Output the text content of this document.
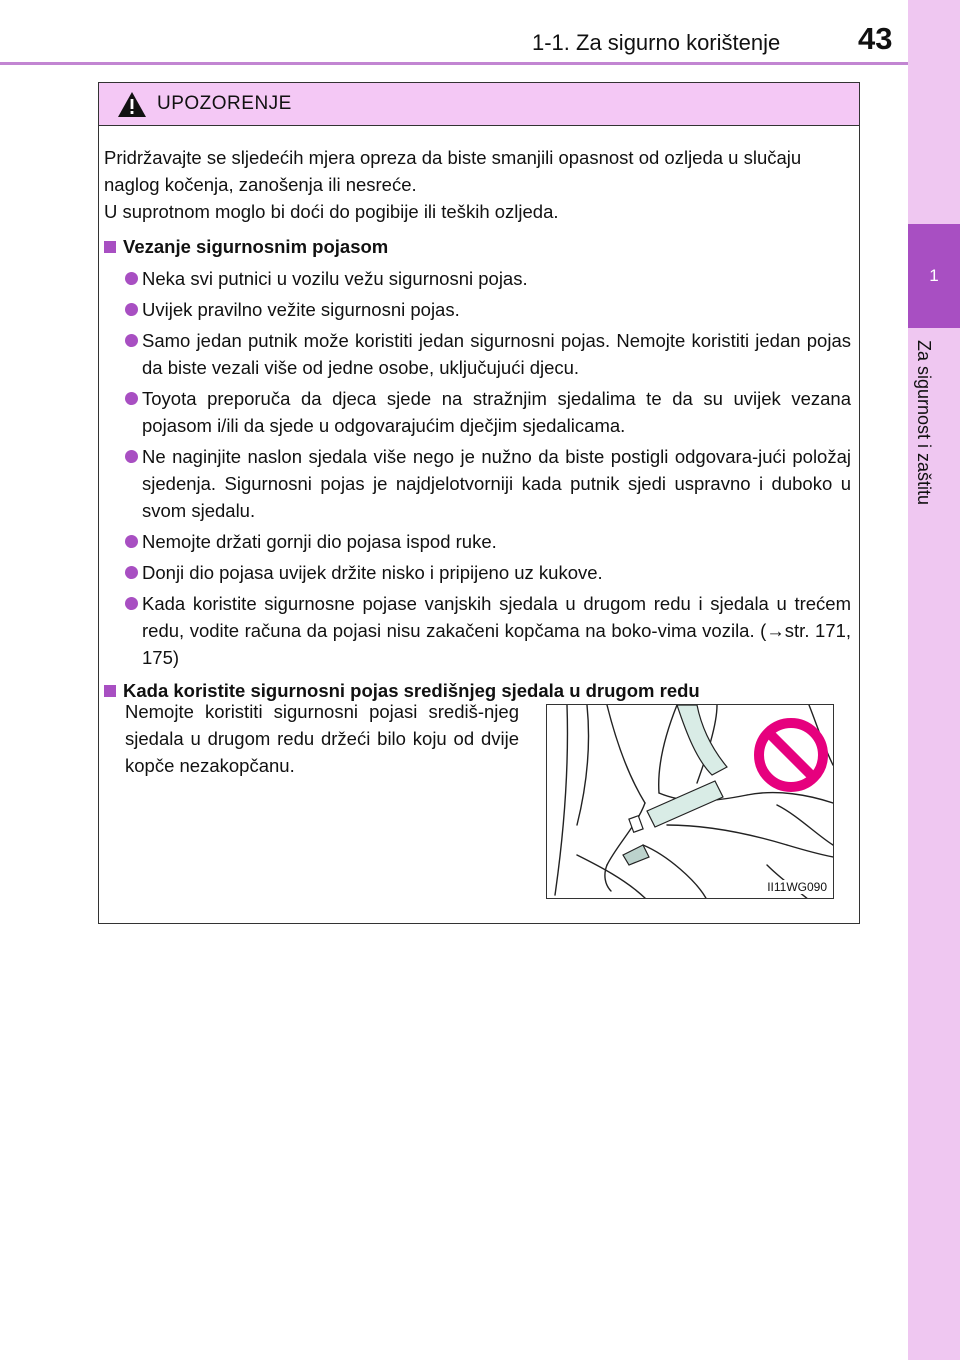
1
Za sigurnost i zaštitu
1-1. Za sigurno korištenje	43
UPOZORENJE

Pridržavajte se sljedećih mjera opreza da biste smanjili opasnost od ozljeda u slučaju naglog kočenja, zanošenja ili nesreće.
U suprotnom moglo bi doći do pogibije ili teških ozljeda.

Vezanje sigurnosnim pojasom
Neka svi putnici u vozilu vežu sigurnosni pojas.
Uvijek pravilno vežite sigurnosni pojas.
Samo jedan putnik može koristiti jedan sigurnosni pojas. Nemojte koristiti jedan pojas da biste vezali više od jedne osobe, uključujući djecu.
Toyota preporuča da djeca sjede na stražnjim sjedalima te da su uvijek vezana pojasom i/ili da sjede u odgovarajućim dječjim sjedalicama.
Ne naginjite naslon sjedala više nego je nužno da biste postigli odgovara-jući položaj sjedenja. Sigurnosni pojas je najdjelotvorniji kada putnik sjedi uspravno i duboko u svom sjedalu.
Nemojte držati gornji dio pojasa ispod ruke.
Donji dio pojasa uvijek držite nisko i pripijeno uz kukove.
Kada koristite sigurnosne pojase vanjskih sjedala u drugom redu i sjedala u trećem redu, vodite računa da pojasi nisu zakačeni kopčama na boko-vima vozila. (→str. 171, 175)
Kada koristite sigurnosni pojas središnjeg sjedala u drugom redu
Nemojte koristiti sigurnosni pojasi središ-njeg sjedala u drugom redu držeći bilo koju od dvije kopče nezakopčanu.
II11WG090
